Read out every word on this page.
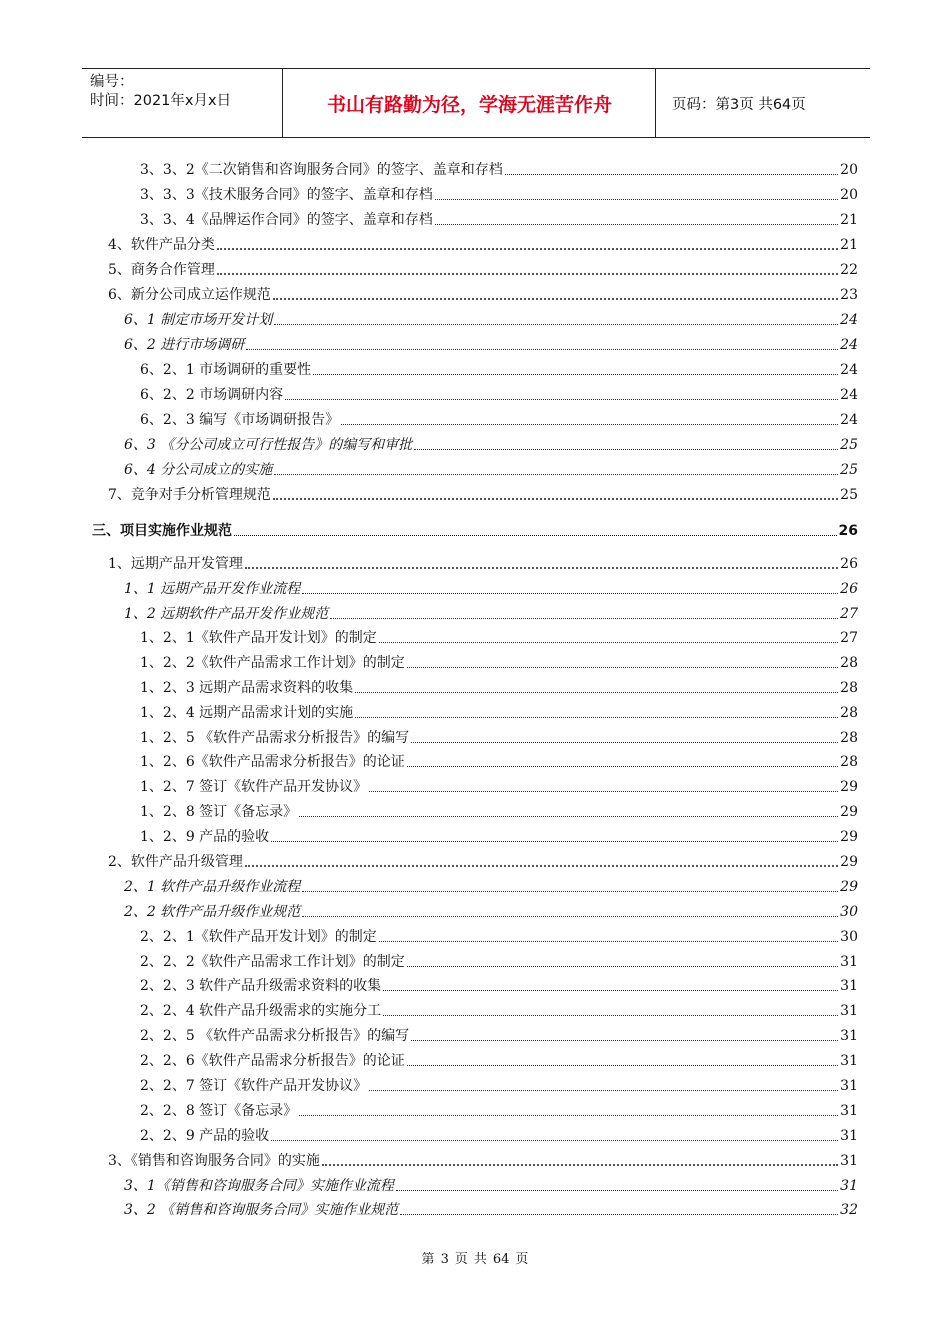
编号：
时间：2021年x月x日	书山有路勤为径，学海无涯苦作舟	页码：第3页 共64页
3、3、2《二次销售和咨询服务合同》的签字、盖章和存档	20
3、3、3《技术服务合同》的签字、盖章和存档	20
3、3、4《品牌运作合同》的签字、盖章和存档	21
4、软件产品分类	21
5、商务合作管理	22
6、新分公司成立运作规范	23
6、1 制定市场开发计划	24
6、2 进行市场调研	24
6、2、1 市场调研的重要性	24
6、2、2 市场调研内容	24
6、2、3 编写《市场调研报告》	24
6、3 《分公司成立可行性报告》的编写和审批	25
6、4 分公司成立的实施	25
7、竞争对手分析管理规范	25
三、项目实施作业规范	26
1、远期产品开发管理	26
1、1 远期产品开发作业流程	26
1、2 远期软件产品开发作业规范	27
1、2、1《软件产品开发计划》的制定	27
1、2、2《软件产品需求工作计划》的制定	28
1、2、3 远期产品需求资料的收集	28
1、2、4 远期产品需求计划的实施	28
1、2、5 《软件产品需求分析报告》的编写	28
1、2、6《软件产品需求分析报告》的论证	28
1、2、7 签订《软件产品开发协议》	29
1、2、8 签订《备忘录》	29
1、2、9 产品的验收	29
2、软件产品升级管理	29
2、1 软件产品升级作业流程	29
2、2 软件产品升级作业规范	30
2、2、1《软件产品开发计划》的制定	30
2、2、2《软件产品需求工作计划》的制定	31
2、2、3 软件产品升级需求资料的收集	31
2、2、4 软件产品升级需求的实施分工	31
2、2、5 《软件产品需求分析报告》的编写	31
2、2、6《软件产品需求分析报告》的论证	31
2、2、7 签订《软件产品开发协议》	31
2、2、8 签订《备忘录》	31
2、2、9 产品的验收	31
3、《销售和咨询服务合同》的实施	31
3、1《销售和咨询服务合同》实施作业流程	31
3、2 《销售和咨询服务合同》实施作业规范	32
第 3 页 共 64 页
